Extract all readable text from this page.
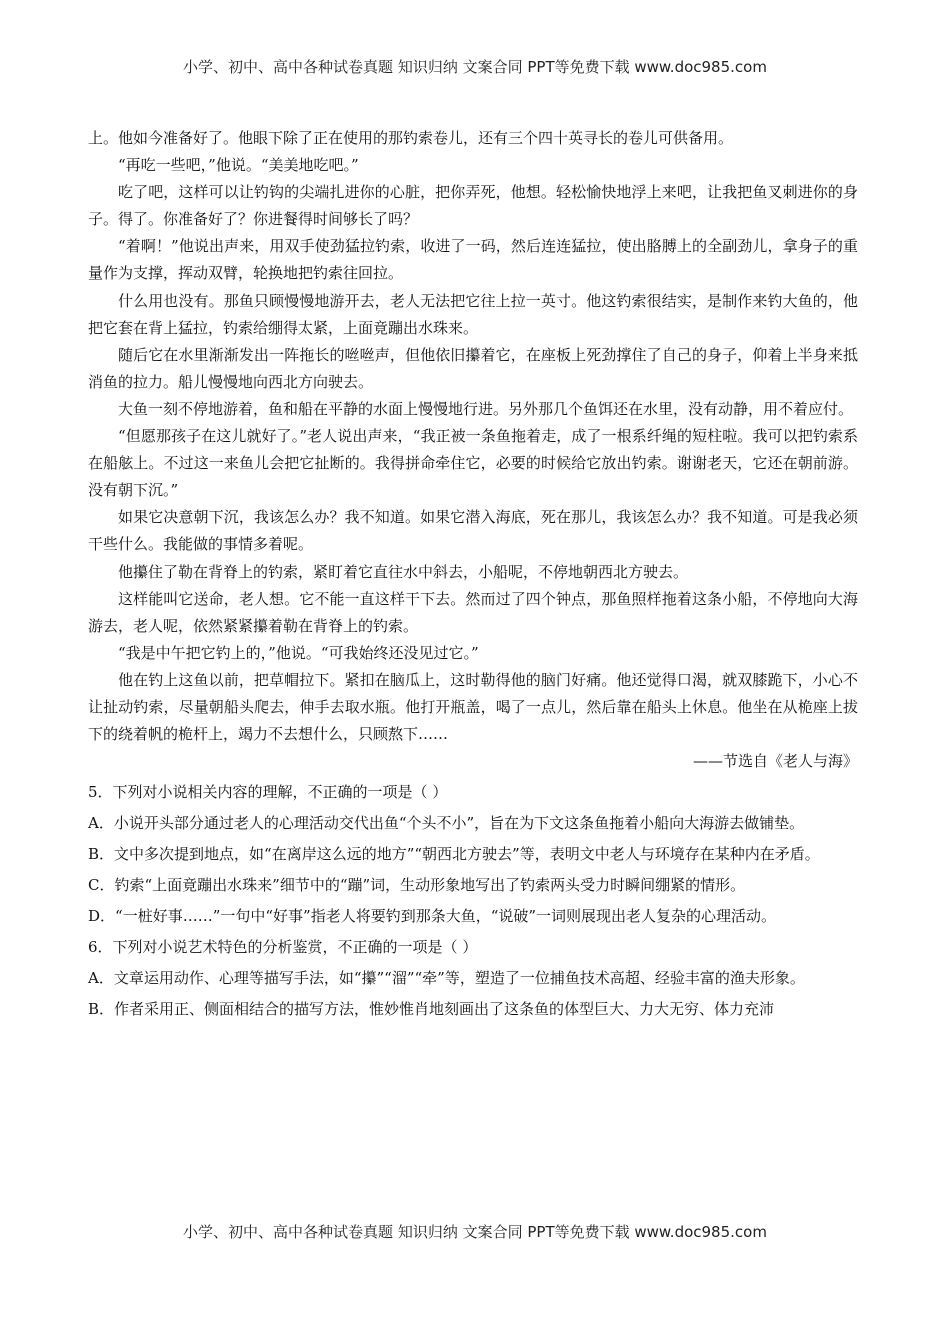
小学、初中、高中各种试卷真题 知识归纳 文案合同 PPT等免费下载 www.doc985.com

上。他如今准备好了。他眼下除了正在使用的那钓索卷儿，还有三个四十英寻长的卷儿可供备用。

“再吃一些吧，”他说。“美美地吃吧。”

吃了吧，这样可以让钓钩的尖端扎进你的心脏，把你弄死，他想。轻松愉快地浮上来吧，让我把鱼叉刺进你的身子。得了。你准备好了？你进餐得时间够长了吗？

“着啊！”他说出声来，用双手使劲猛拉钓索，收进了一码，然后连连猛拉，使出胳膊上的全副劲儿，拿身子的重量作为支撑，挥动双臂，轮换地把钓索往回拉。

什么用也没有。那鱼只顾慢慢地游开去，老人无法把它往上拉一英寸。他这钓索很结实，是制作来钓大鱼的，他把它套在背上猛拉，钓索给绷得太紧，上面竟蹦出水珠来。

随后它在水里渐渐发出一阵拖长的咝咝声，但他依旧攥着它，在座板上死劲撑住了自己的身子，仰着上半身来抵消鱼的拉力。船儿慢慢地向西北方向驶去。

大鱼一刻不停地游着，鱼和船在平静的水面上慢慢地行进。另外那几个鱼饵还在水里，没有动静，用不着应付。

“但愿那孩子在这儿就好了。”老人说出声来，“我正被一条鱼拖着走，成了一根系纤绳的短柱啦。我可以把钓索系在船舷上。不过这一来鱼儿会把它扯断的。我得拼命牵住它，必要的时候给它放出钓索。谢谢老天，它还在朝前游。没有朝下沉。”

如果它决意朝下沉，我该怎么办？我不知道。如果它潜入海底，死在那儿，我该怎么办？我不知道。可是我必须干些什么。我能做的事情多着呢。

他攥住了勒在背脊上的钓索，紧盯着它直往水中斜去，小船呢，不停地朝西北方驶去。

这样能叫它送命，老人想。它不能一直这样干下去。然而过了四个钟点，那鱼照样拖着这条小船，不停地向大海游去，老人呢，依然紧紧攥着勒在背脊上的钓索。

“我是中午把它钓上的，”他说。“可我始终还没见过它。”

他在钓上这鱼以前，把草帽拉下。紧扣在脑瓜上，这时勒得他的脑门好痛。他还觉得口渴，就双膝跪下，小心不让扯动钓索，尽量朝船头爬去，伸手去取水瓶。他打开瓶盖，喝了一点儿，然后靠在船头上休息。他坐在从桅座上拔下的绕着帆的桅杆上，竭力不去想什么，只顾熬下……

——节选自《老人与海》

5．下列对小说相关内容的理解，不正确的一项是（ ）

A．小说开头部分通过老人的心理活动交代出鱼“个头不小”，旨在为下文这条鱼拖着小船向大海游去做铺垫。

B．文中多次提到地点，如“在离岸这么远的地方”“朝西北方驶去”等，表明文中老人与环境存在某种内在矛盾。

C．钓索“上面竟蹦出水珠来”细节中的“蹦”词，生动形象地写出了钓索两头受力时瞬间绷紧的情形。

D．“一桩好事……”一句中“好事”指老人将要钓到那条大鱼，“说破”一词则展现出老人复杂的心理活动。

6．下列对小说艺术特色的分析鉴赏，不正确的一项是（ ）

A．文章运用动作、心理等描写手法，如“攥”“溜”“牵”等，塑造了一位捕鱼技术高超、经验丰富的渔夫形象。

B．作者采用正、侧面相结合的描写方法，惟妙惟肖地刻画出了这条鱼的体型巨大、力大无穷、体力充沛

小学、初中、高中各种试卷真题 知识归纳 文案合同 PPT等免费下载 www.doc985.com
